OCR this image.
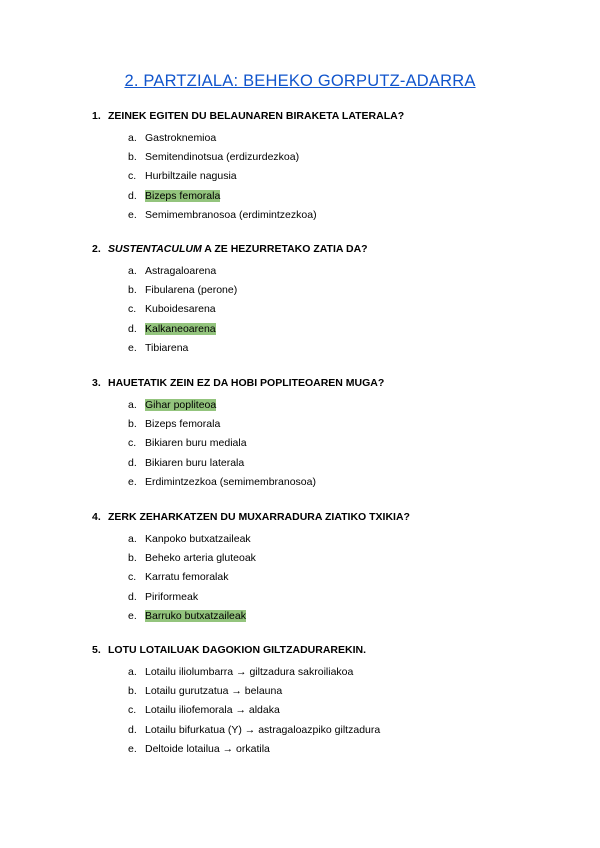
2. PARTZIALA: BEHEKO GORPUTZ-ADARRA
1. ZEINEK EGITEN DU BELAUNAREN BIRAKETA LATERALA?
a. Gastroknemioa
b. Semitendinotsua (erdizurdezkoa)
c. Hurbiltzaile nagusia
d. Bizeps femorala
e. Semimembranosoa (erdimintzezkoa)
2. SUSTENTACULUM A ZE HEZURRETAKO ZATIA DA?
a. Astragaloarena
b. Fibularena (perone)
c. Kuboidesarena
d. Kalkaneoarena
e. Tibiarena
3. HAUETATIK ZEIN EZ DA HOBI POPLITEOAREN MUGA?
a. Gihar popliteoa
b. Bizeps femorala
c. Bikiaren buru mediala
d. Bikiaren buru laterala
e. Erdimintzezkoa (semimembranosoa)
4. ZERK ZEHARKATZEN DU MUXARRADURA ZIATIKO TXIKIA?
a. Kanpoko butxatzaileak
b. Beheko arteria gluteoak
c. Karratu femoralak
d. Piriformeak
e. Barruko butxatzaileak
5. LOTU LOTAILUAK DAGOKION GILTZADURAREKIN.
a. Lotailu iliolumbarra → giltzadura sakroiliakoa
b. Lotailu gurutzatua → belauna
c. Lotailu iliofemorala → aldaka
d. Lotailu bifurkatua (Y) → astragaloazpiko giltzadura
e. Deltoide lotailua → orkatila
